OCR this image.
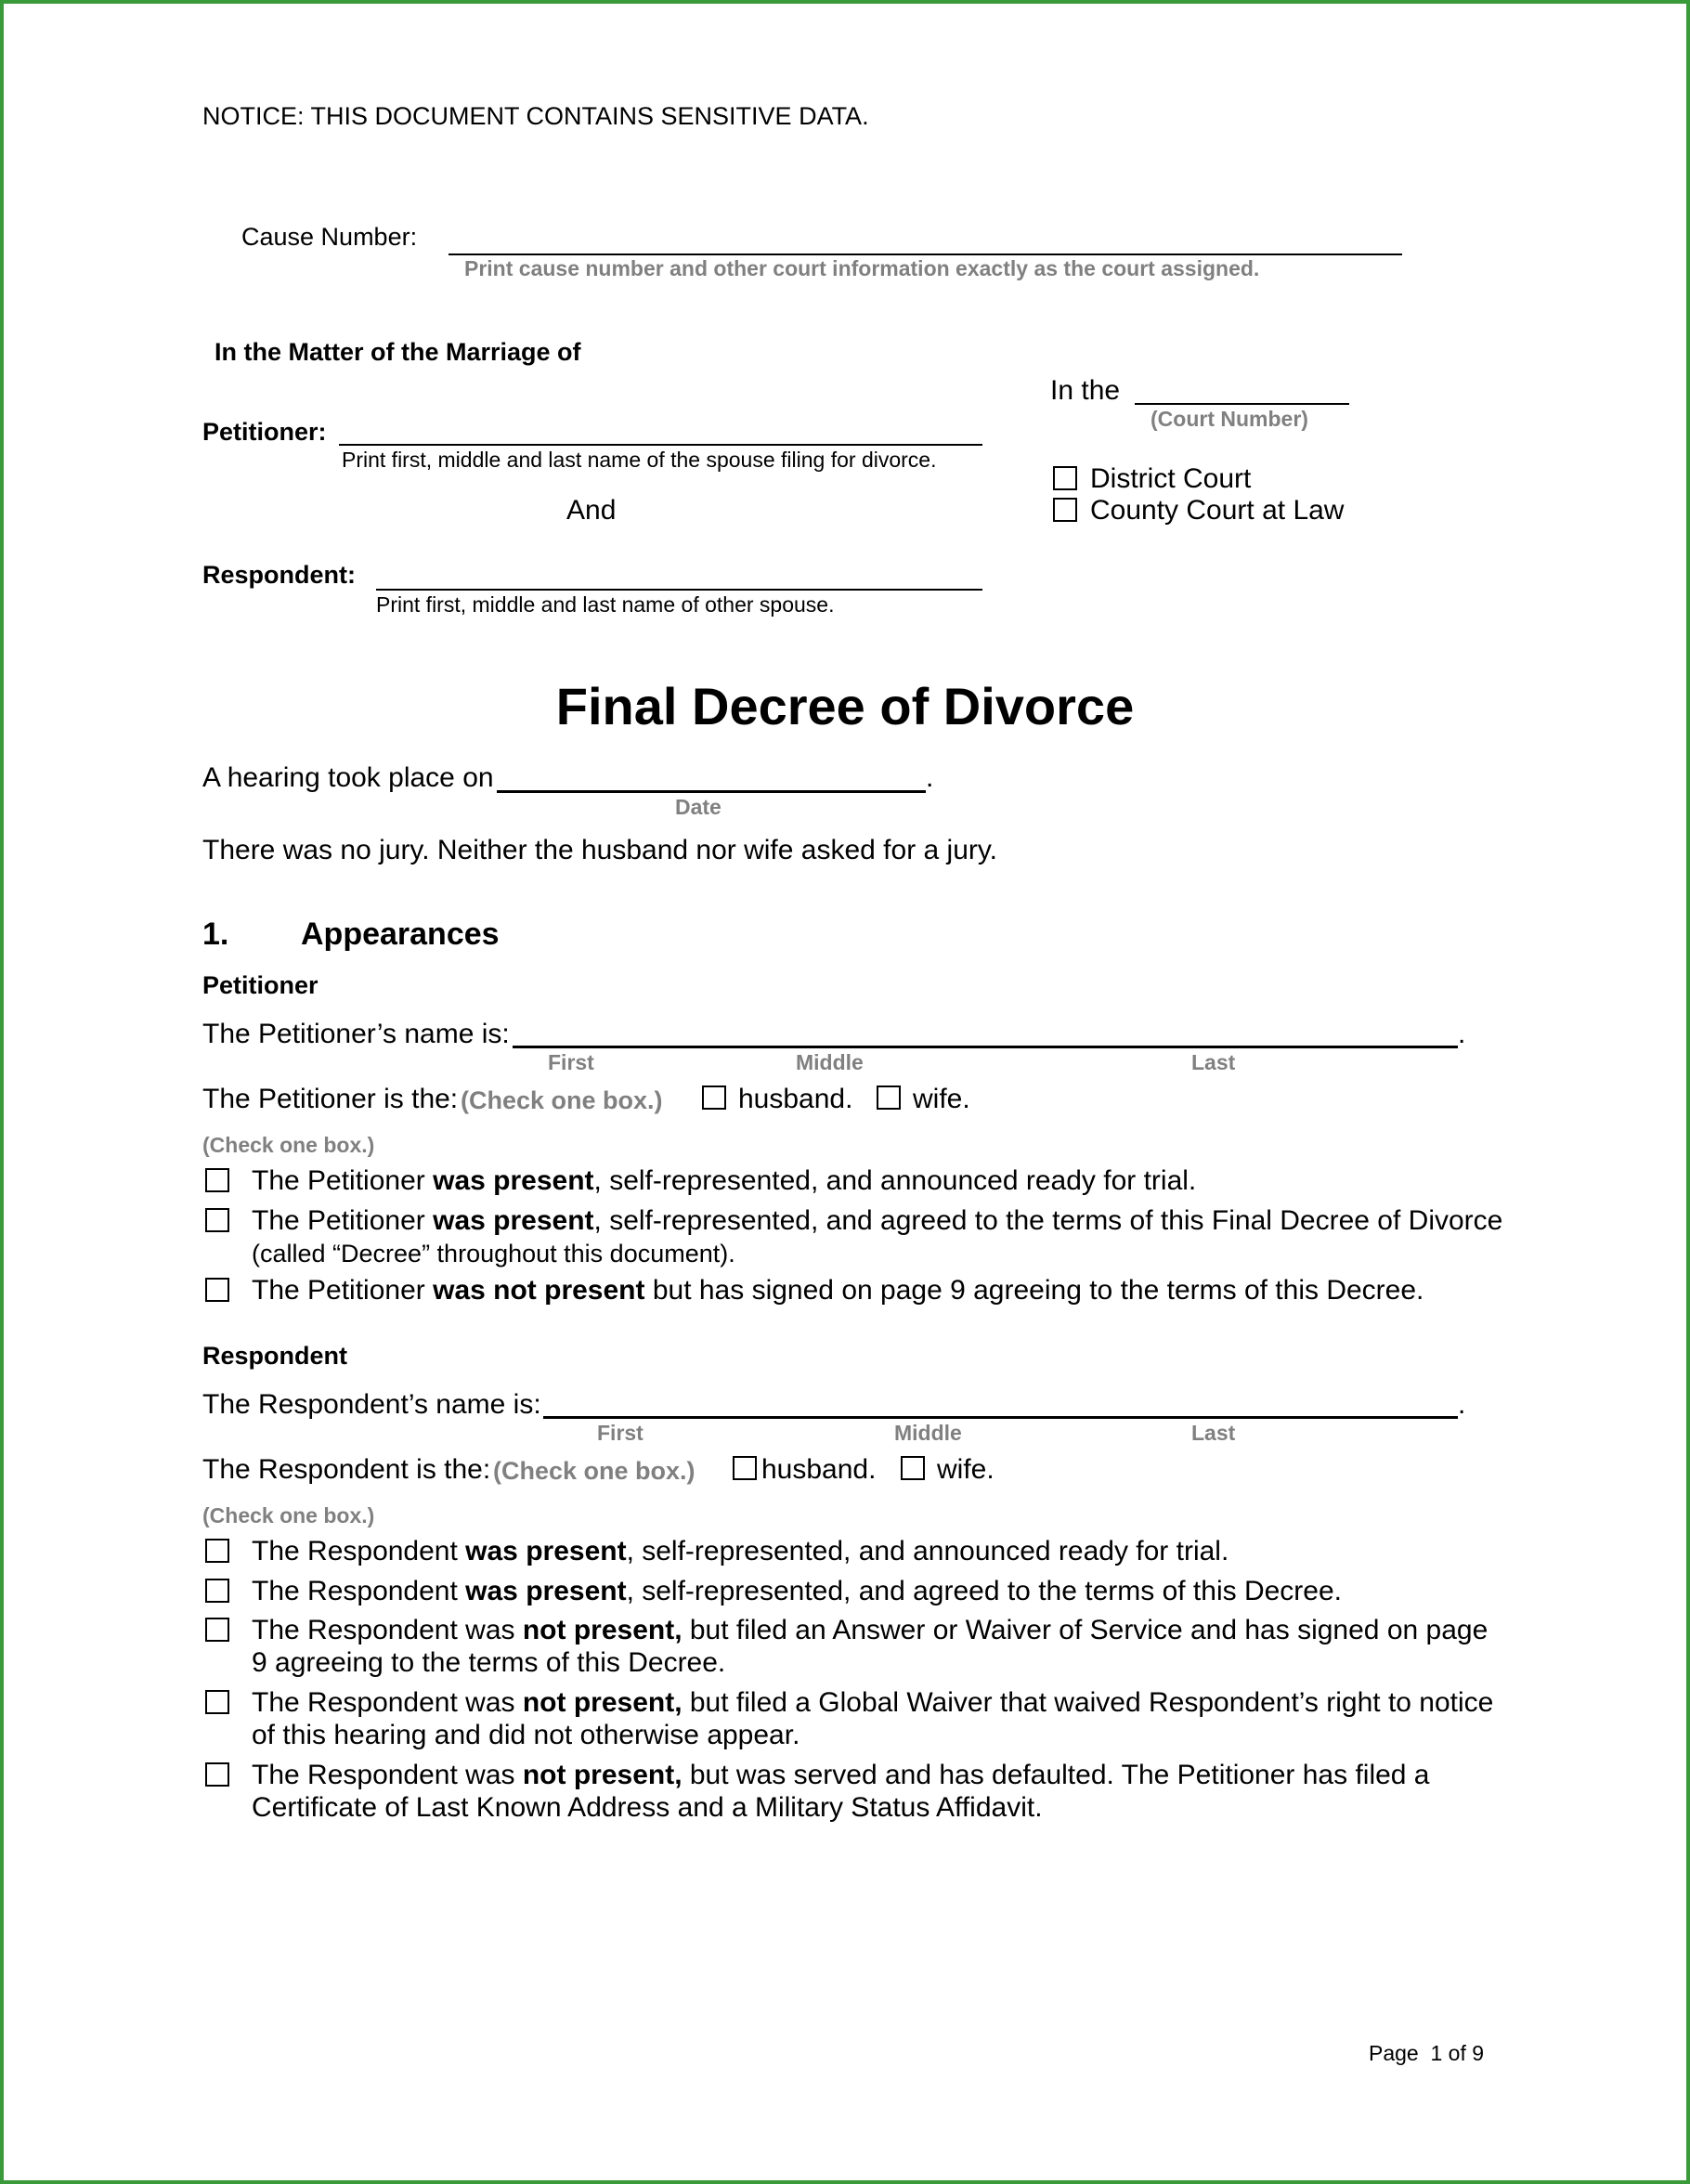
NOTICE: THIS DOCUMENT CONTAINS SENSITIVE DATA.
Cause Number:
Print cause number and other court information exactly as the court assigned.
In the Matter of the Marriage of
Petitioner:
Print first, middle and last name of the spouse filing for divorce.
And
Respondent:
Print first, middle and last name of other spouse.
In the
(Court Number)
District Court
County Court at Law
Final Decree of Divorce
A hearing took place on	.
Date
There was no jury. Neither the husband nor wife asked for a jury.
1. Appearances
Petitioner
The Petitioner’s name is:	.
First	Middle	Last
The Petitioner is the: (Check one box.)	husband. wife.
(Check one box.)
The Petitioner was present, self-represented, and announced ready for trial.
The Petitioner was present, self-represented, and agreed to the terms of this Final Decree of Divorce
(called “Decree” throughout this document).
The Petitioner was not present but has signed on page 9 agreeing to the terms of this Decree.
Respondent
The Respondent’s name is:	.
First	Middle	Last
The Respondent is the: (Check one box.) husband. wife.
(Check one box.)
The Respondent was present, self-represented, and announced ready for trial.
The Respondent was present, self-represented, and agreed to the terms of this Decree.
The Respondent was not present, but filed an Answer or Waiver of Service and has signed on page
9 agreeing to the terms of this Decree.
The Respondent was not present, but filed a Global Waiver that waived Respondent’s right to notice
of this hearing and did not otherwise appear.
The Respondent was not present, but was served and has defaulted. The Petitioner has filed a
Certificate of Last Known Address and a Military Status Affidavit.
Page  1 of 9
